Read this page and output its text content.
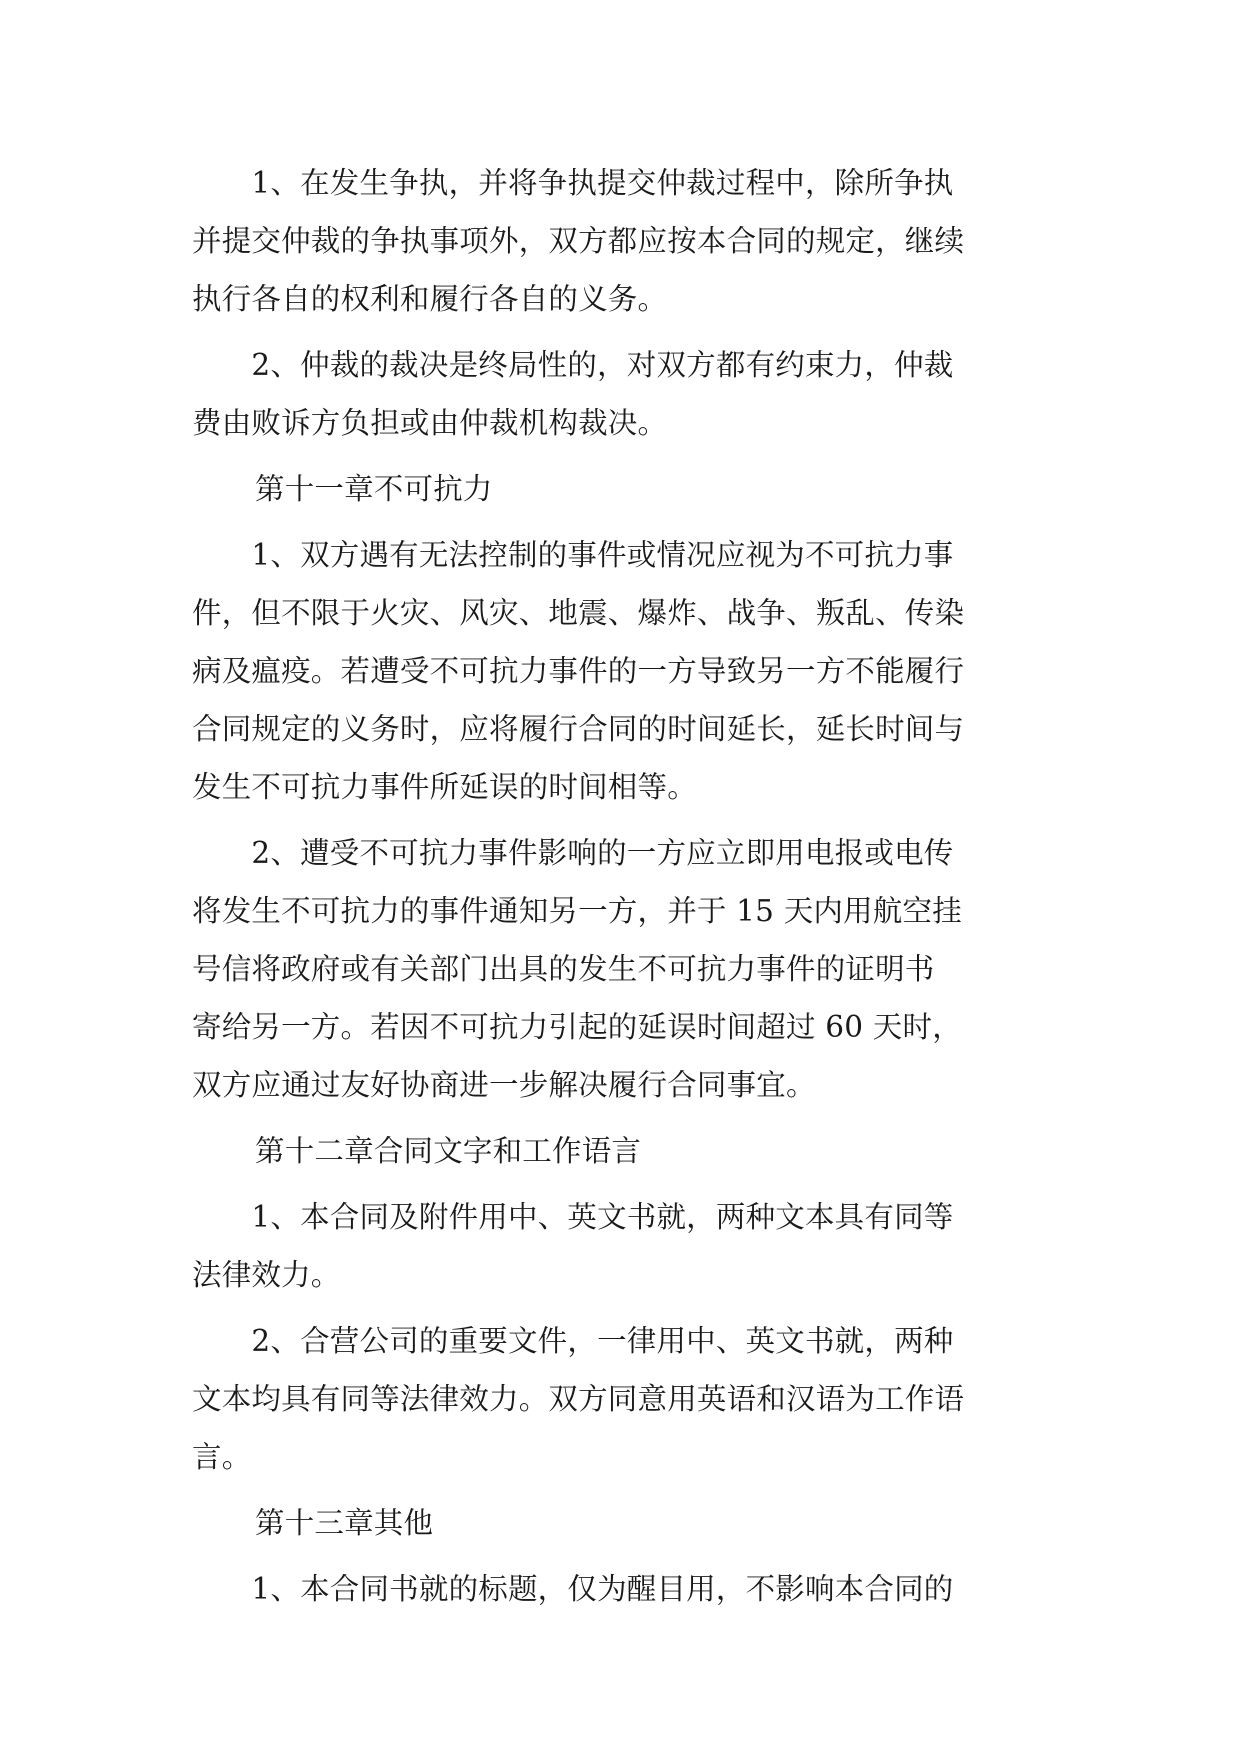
　　1、在发生争执，并将争执提交仲裁过程中，除所争执
并提交仲裁的争执事项外，双方都应按本合同的规定，继续
执行各自的权利和履行各自的义务。
　　2、仲裁的裁决是终局性的，对双方都有约束力，仲裁
费由败诉方负担或由仲裁机构裁决。
第十一章不可抗力
　　1、双方遇有无法控制的事件或情况应视为不可抗力事
件，但不限于火灾、风灾、地震、爆炸、战争、叛乱、传染
病及瘟疫。若遭受不可抗力事件的一方导致另一方不能履行
合同规定的义务时，应将履行合同的时间延长，延长时间与
发生不可抗力事件所延误的时间相等。
　　2、遭受不可抗力事件影响的一方应立即用电报或电传
将发生不可抗力的事件通知另一方，并于 15 天内用航空挂
号信将政府或有关部门出具的发生不可抗力事件的证明书
寄给另一方。若因不可抗力引起的延误时间超过 60 天时，
双方应通过友好协商进一步解决履行合同事宜。
第十二章合同文字和工作语言
　　1、本合同及附件用中、英文书就，两种文本具有同等
法律效力。
　　2、合营公司的重要文件，一律用中、英文书就，两种
文本均具有同等法律效力。双方同意用英语和汉语为工作语
言。
第十三章其他
　　1、本合同书就的标题，仅为醒目用，不影响本合同的
